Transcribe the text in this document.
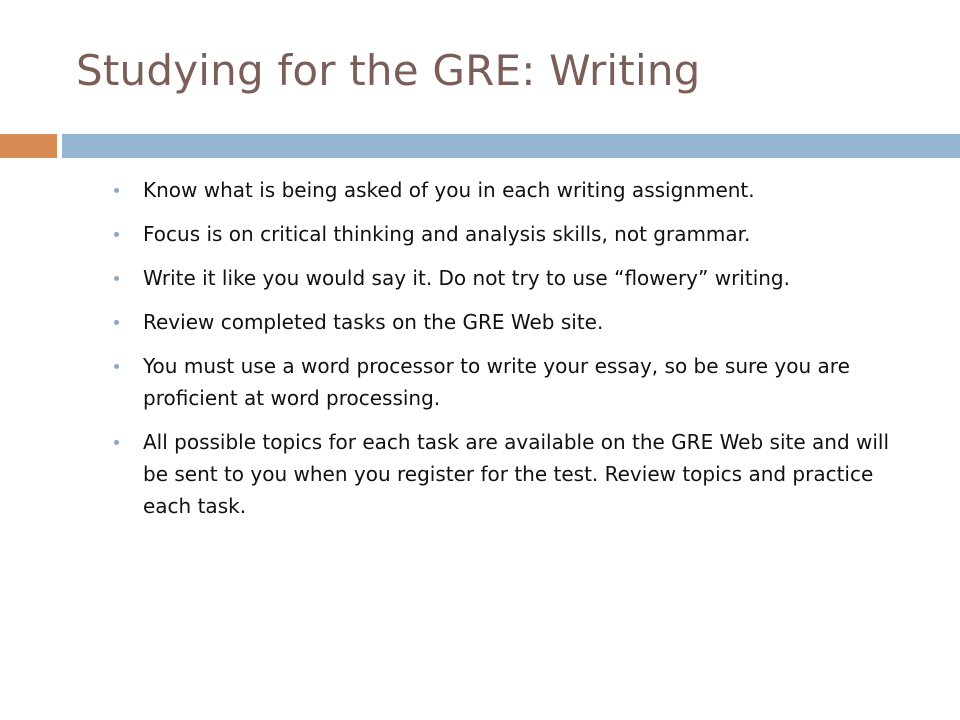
Studying for the GRE: Writing
Know what is being asked of you in each writing assignment.
Focus is on critical thinking and analysis skills, not grammar.
Write it like you would say it. Do not try to use “flowery” writing.
Review completed tasks on the GRE Web site.
You must use a word processor to write your essay, so be sure you are proficient at word processing.
All possible topics for each task are available on the GRE Web site and will be sent to you when you register for the test. Review topics and practice each task.
